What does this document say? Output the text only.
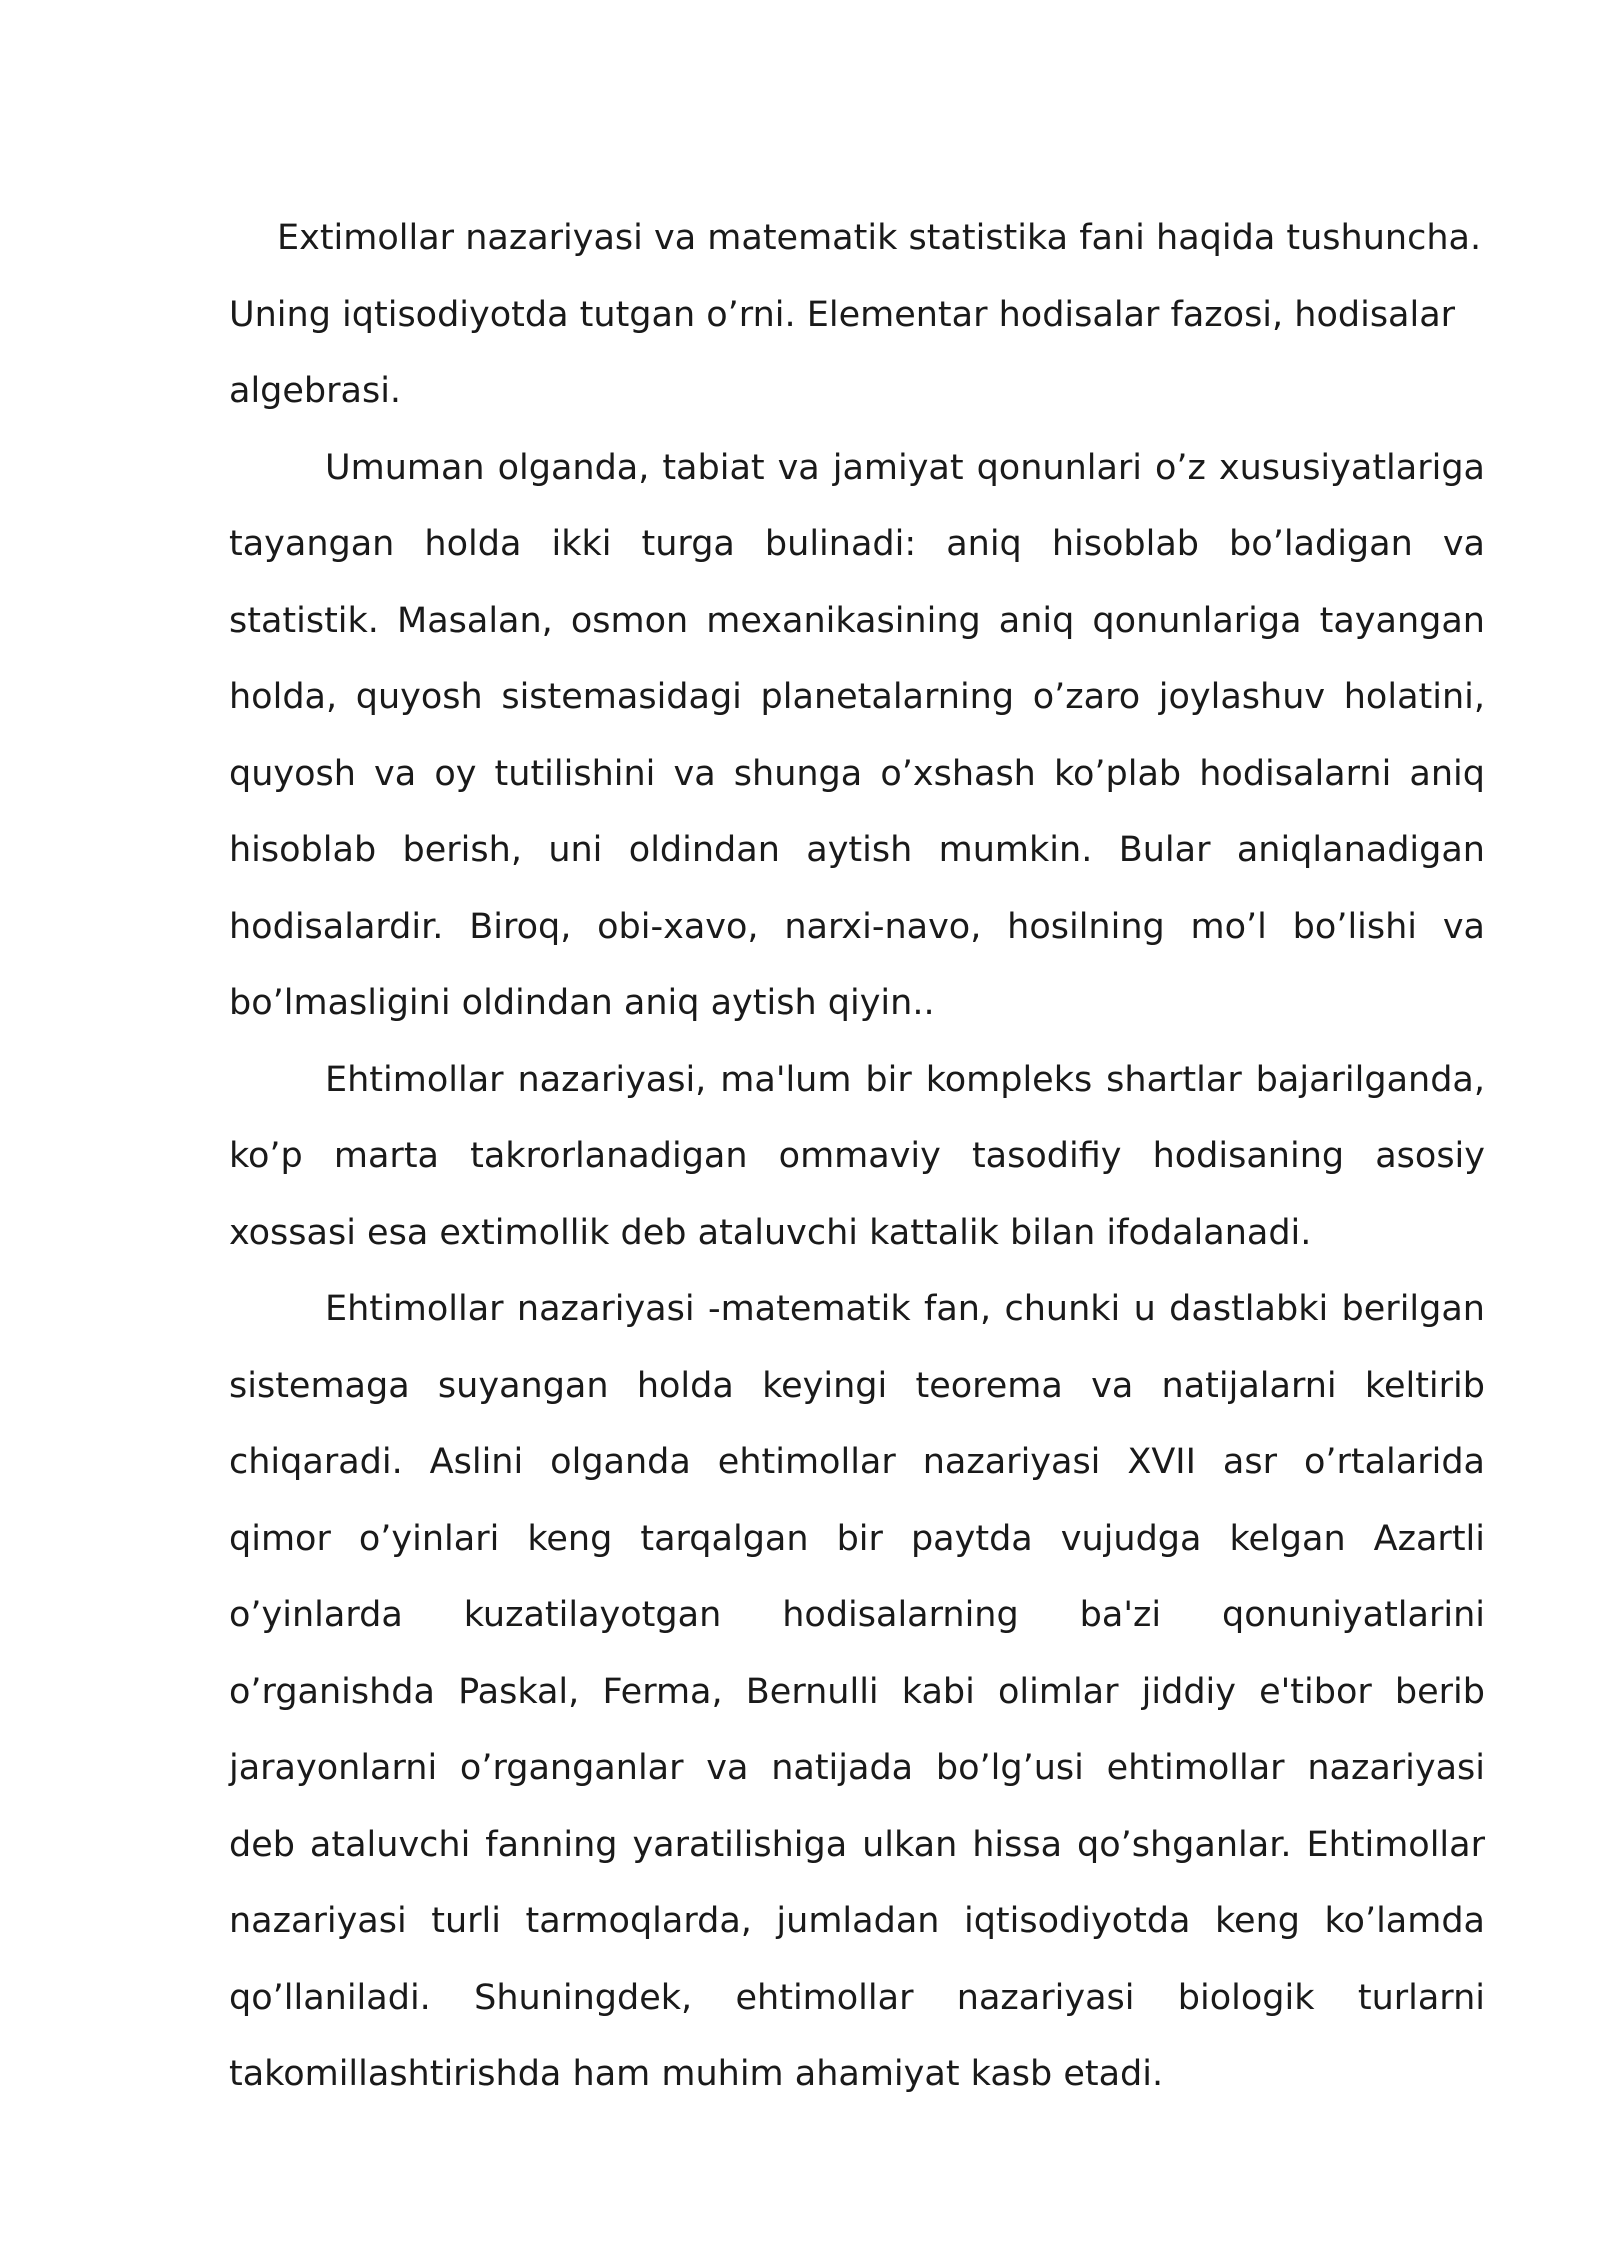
Extimollar nazariyasi va matematik statistika fani haqida tushuncha. Uning iqtisodiyotda tutgan o’rni. Elementar hodisalar fazosi, hodisalar algebrasi.

Umuman olganda, tabiat va jamiyat qonunlari o’z xususiyatlariga tayangan holda ikki turga bulinadi: aniq hisoblab bo’ladigan va statistik. Masalan, osmon mexanikasining aniq qonunlariga tayangan holda, quyosh sistemasidagi planetalarning o’zaro joylashuv holatini, quyosh va oy tutilishini va shunga o’xshash ko’plab hodisalarni aniq hisoblab berish, uni oldindan aytish mumkin. Bular aniqlanadigan hodisalardir. Biroq, obi-xavo, narxi-navo, hosilning mo’l bo’lishi va bo’lmasligini oldindan aniq aytish qiyin..

Ehtimollar nazariyasi, ma'lum bir kompleks shartlar bajarilganda, ko’p marta takrorlanadigan ommaviy tasodifiy hodisaning asosiy xossasi esa extimollik deb ataluvchi kattalik bilan ifodalanadi.

Ehtimollar nazariyasi -matematik fan, chunki u dastlabki berilgan sistemaga suyangan holda keyingi teorema va natijalarni keltirib chiqaradi. Aslini olganda ehtimollar nazariyasi XVII asr o’rtalarida qimor o’yinlari keng tarqalgan bir paytda vujudga kelgan Azartli o’yinlarda kuzatilayotgan hodisalarning ba'zi qonuniyatlarini o’rganishda Paskal, Ferma, Bernulli kabi olimlar jiddiy e'tibor berib jarayonlarni o’rganganlar va natijada bo’lg’usi ehtimollar nazariyasi deb ataluvchi fanning yaratilishiga ulkan hissa qo’shganlar. Ehtimollar nazariyasi turli tarmoqlarda, jumladan iqtisodiyotda keng ko’lamda qo’llaniladi. Shuningdek, ehtimollar nazariyasi biologik turlarni takomillashtirishda ham muhim ahamiyat kasb etadi.
